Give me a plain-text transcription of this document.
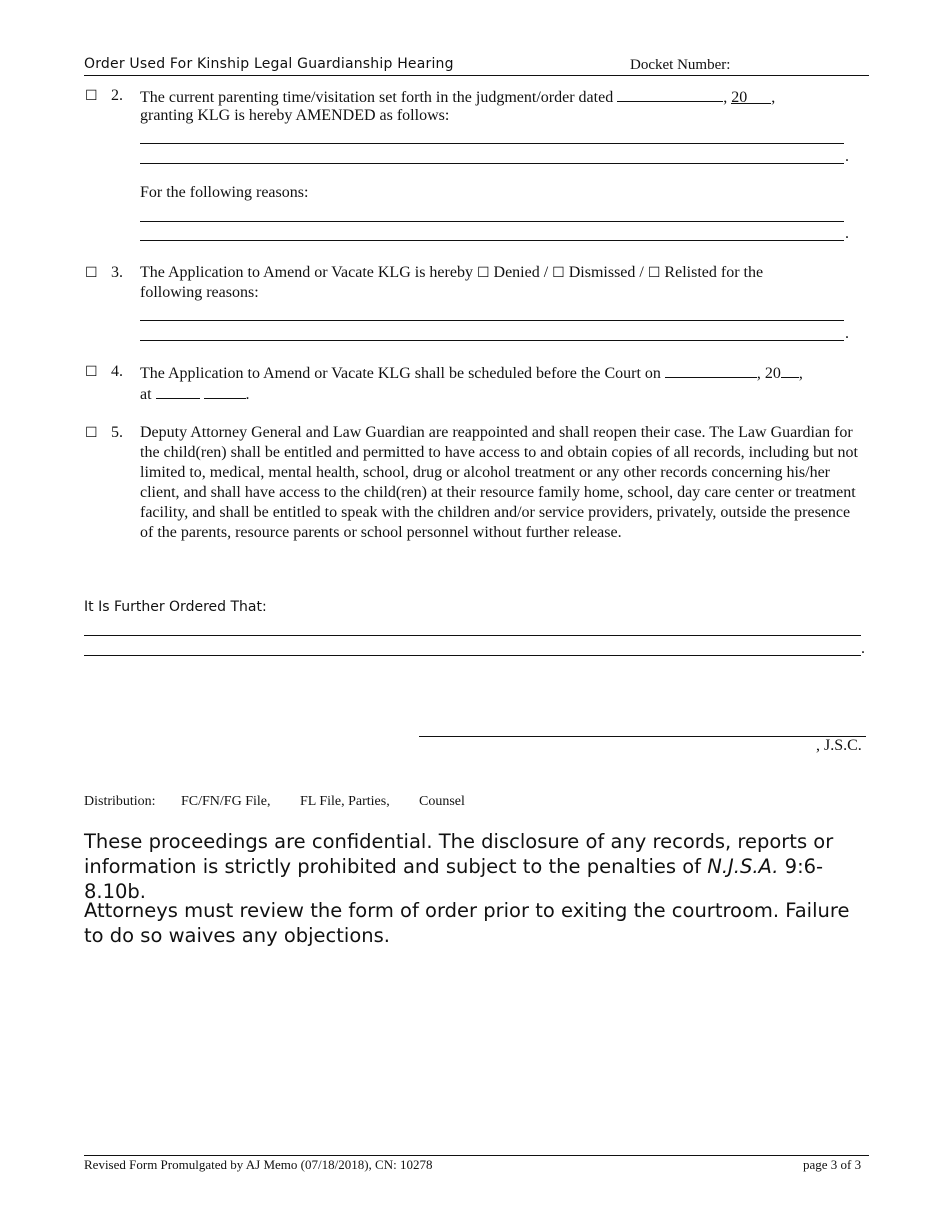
Order Used For Kinship Legal Guardianship Hearing	Docket Number:
☐ 2. The current parenting time/visitation set forth in the judgment/order dated	, 20 ,
granting KLG is hereby AMENDED as follows:
.
For the following reasons:
.
☐ 3. The Application to Amend or Vacate KLG is hereby ☐ Denied / ☐ Dismissed / ☐ Relisted for the
following reasons:
.
☐ 4. The Application to Amend or Vacate KLG shall be scheduled before the Court on	, 20 ,
at	.
☐ 5. Deputy Attorney General and Law Guardian are reappointed and shall reopen their case. The Law Guardian for the child(ren) shall be entitled and permitted to have access to and obtain copies of all records, including but not limited to, medical, mental health, school, drug or alcohol treatment or any other records concerning his/her client, and shall have access to the child(ren) at their resource family home, school, day care center or treatment facility, and shall be entitled to speak with the children and/or service providers, privately, outside the presence of the parents, resource parents or school personnel without further release.
It Is Further Ordered That:
.
, J.S.C.
Distribution: FC/FN/FG File, FL File, Parties, Counsel
These proceedings are confidential. The disclosure of any records, reports or information is strictly prohibited and subject to the penalties of N.J.S.A. 9:6-8.10b.
Attorneys must review the form of order prior to exiting the courtroom. Failure to do so waives any objections.
Revised Form Promulgated by AJ Memo (07/18/2018), CN: 10278	page 3 of 3
